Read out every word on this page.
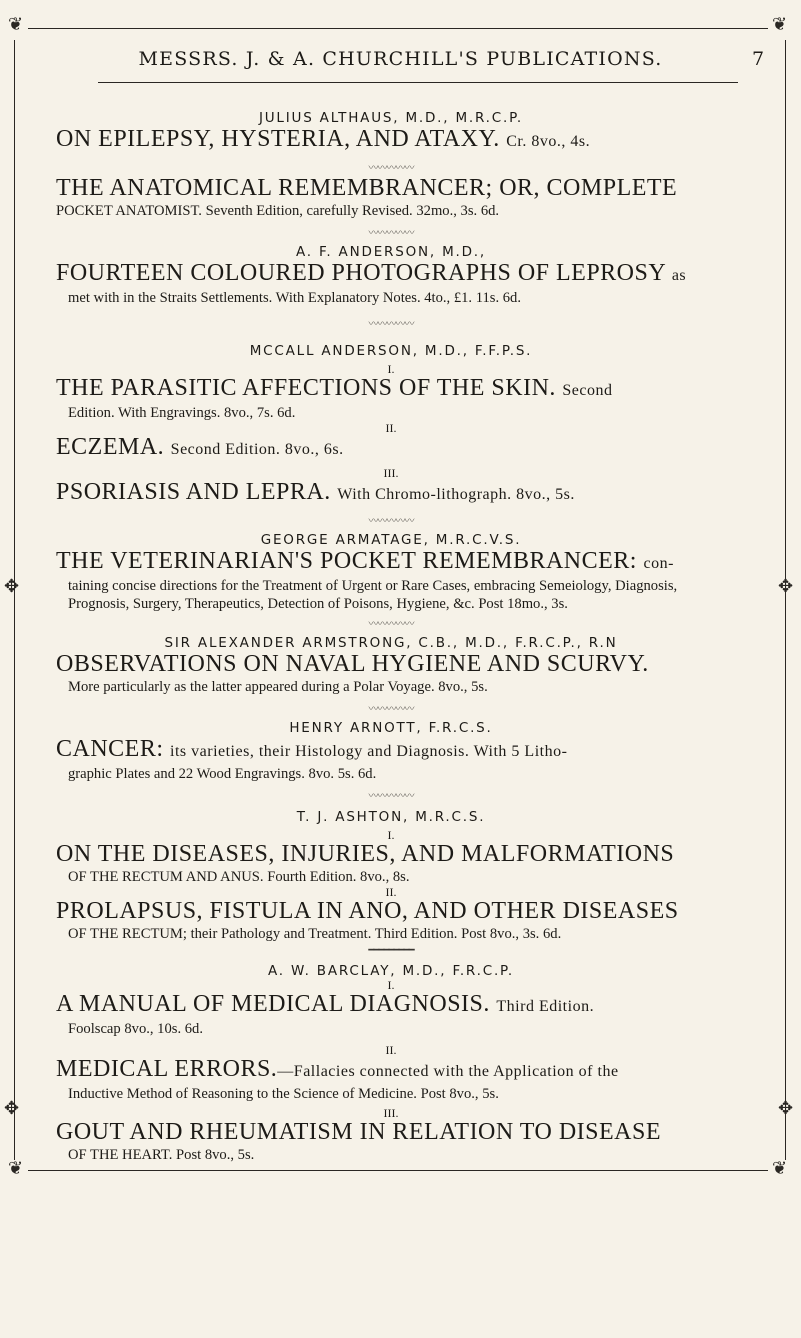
❦	❦
❦	❦
✥	✥
✥	✥
MESSRS. J. & A. CHURCHILL'S PUBLICATIONS.	7

JULIUS ALTHAUS, M.D., M.R.C.P.

ON EPILEPSY, HYSTERIA, AND ATAXY. Cr. 8vo., 4s.

〰〰〰〰〰

THE ANATOMICAL REMEMBRANCER; OR, COMPLETE

POCKET ANATOMIST. Seventh Edition, carefully Revised. 32mo., 3s. 6d.

〰〰〰〰〰

A. F. ANDERSON, M.D.,

FOURTEEN COLOURED PHOTOGRAPHS OF LEPROSY as

met with in the Straits Settlements. With Explanatory Notes. 4to., £1. 11s. 6d.

〰〰〰〰〰

MCCALL ANDERSON, M.D., F.F.P.S.

I.

THE PARASITIC AFFECTIONS OF THE SKIN. Second

Edition. With Engravings. 8vo., 7s. 6d.

II.

ECZEMA. Second Edition. 8vo., 6s.

III.

PSORIASIS AND LEPRA. With Chromo-lithograph. 8vo., 5s.

〰〰〰〰〰

GEORGE ARMATAGE, M.R.C.V.S.

THE VETERINARIAN'S POCKET REMEMBRANCER: con-

taining concise directions for the Treatment of Urgent or Rare Cases, embracing Semeiology, Diagnosis, Prognosis, Surgery, Therapeutics, Detection of Poisons, Hygiene, &c. Post 18mo., 3s.

〰〰〰〰〰

SIR ALEXANDER ARMSTRONG, C.B., M.D., F.R.C.P., R.N

OBSERVATIONS ON NAVAL HYGIENE AND SCURVY.

More particularly as the latter appeared during a Polar Voyage. 8vo., 5s.

〰〰〰〰〰

HENRY ARNOTT, F.R.C.S.

CANCER: its varieties, their Histology and Diagnosis. With 5 Litho-

graphic Plates and 22 Wood Engravings. 8vo. 5s. 6d.

〰〰〰〰〰

T. J. ASHTON, M.R.C.S.

I.

ON THE DISEASES, INJURIES, AND MALFORMATIONS

OF THE RECTUM AND ANUS. Fourth Edition. 8vo., 8s.

II.

PROLAPSUS, FISTULA IN ANO, AND OTHER DISEASES

OF THE RECTUM; their Pathology and Treatment. Third Edition. Post 8vo., 3s. 6d.

━━━━━━━━━

A. W. BARCLAY, M.D., F.R.C.P.

I.

A MANUAL OF MEDICAL DIAGNOSIS. Third Edition.

Foolscap 8vo., 10s. 6d.

II.

MEDICAL ERRORS.—Fallacies connected with the Application of the

Inductive Method of Reasoning to the Science of Medicine. Post 8vo., 5s.

III.

GOUT AND RHEUMATISM IN RELATION TO DISEASE

OF THE HEART. Post 8vo., 5s.
